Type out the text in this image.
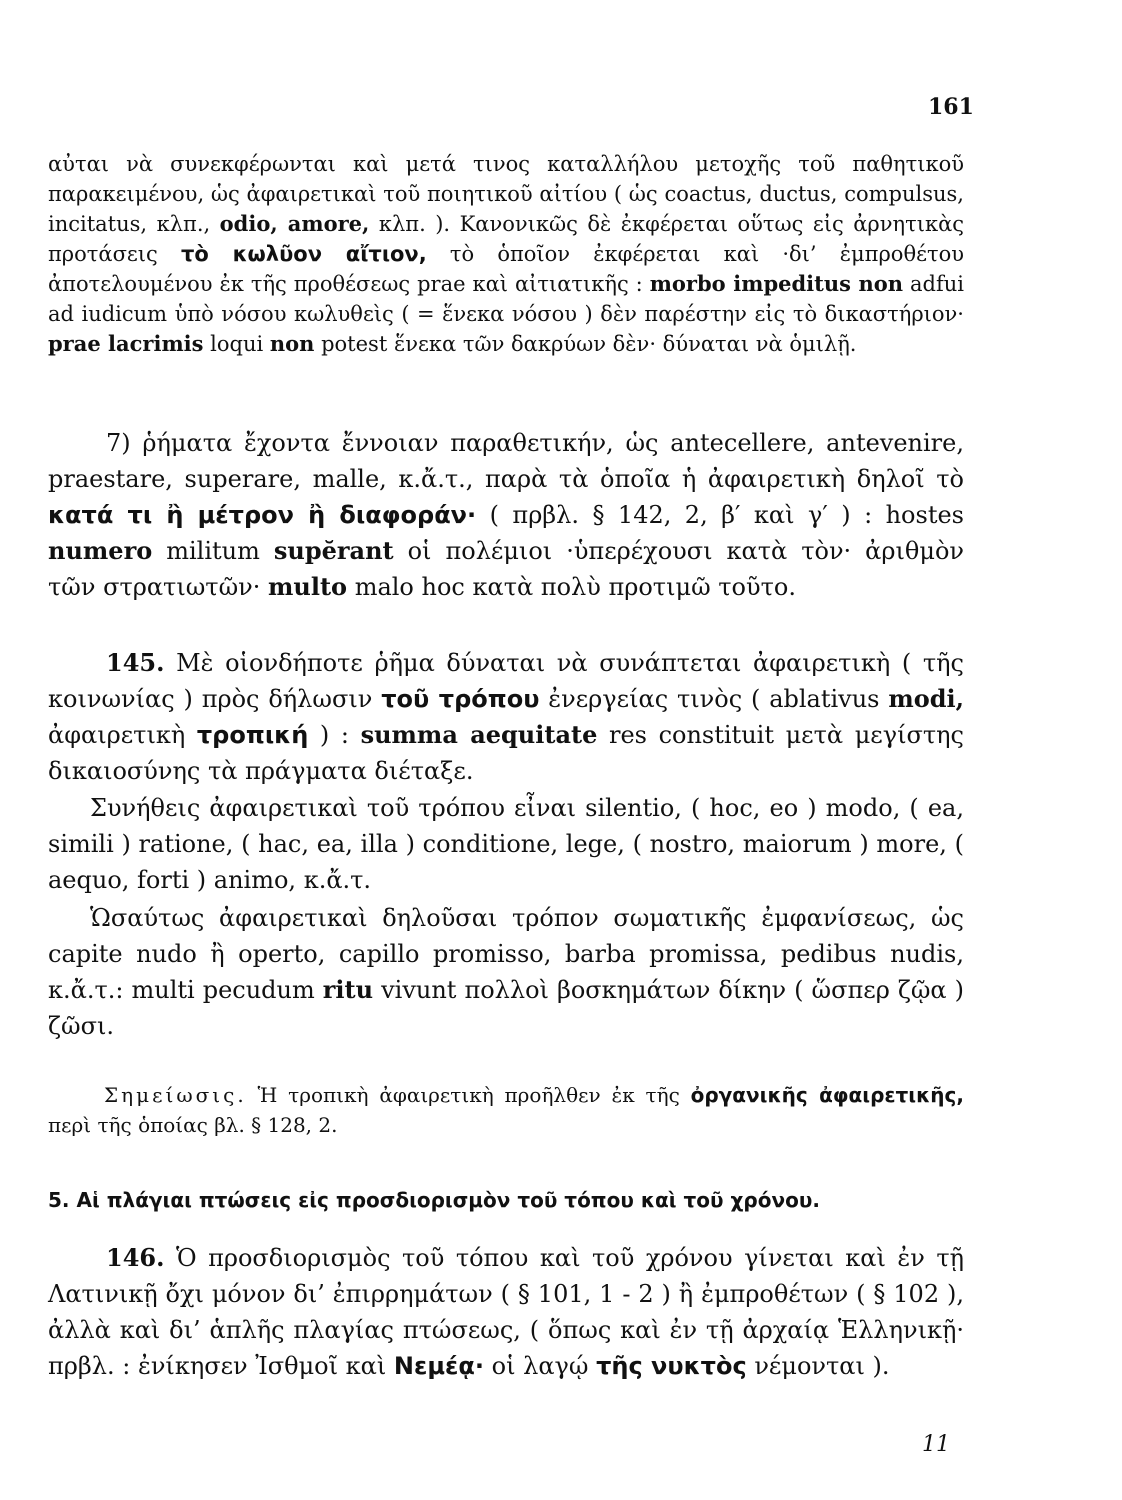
161

αὐται νὰ συνεκφέρωνται καὶ μετά τινος καταλλήλου μετοχῆς τοῦ παθητικοῦ παρακειμένου, ὡς ἀφαιρετικαὶ τοῦ ποιητικοῦ αἰτίου ( ὡς coactus, ductus, compulsus, incitatus, κλπ., odio, amore, κλπ. ). Κανονικῶς δὲ ἐκφέρεται οὕτως εἰς ἀρνητικὰς προτάσεις τὸ κωλῦον αἴτιον, τὸ ὁποῖον ἐκφέρεται καὶ ·δι’ ἐμπροθέτου ἀποτελουμένου ἐκ τῆς προθέσεως prae καὶ αἰτιατικῆς : morbo impeditus non adfui ad iudicum ὑπὸ νόσου κωλυθεὶς ( = ἕνεκα νόσου ) δὲν παρέστην εἰς τὸ δικαστήριον· prae lacrimis loqui non potest ἕνεκα τῶν δακρύων δὲν· δύναται νὰ ὁμιλῇ.

7) ῥήματα ἔχοντα ἔννοιαν παραθετικήν, ὡς antecellere, antevenire, praestare, superare, malle, κ.ἄ.τ., παρὰ τὰ ὁποῖα ἡ ἀφαιρετικὴ δηλοῖ τὸ κατά τι ἢ μέτρον ἢ διαφοράν· ( πρβλ. § 142, 2, β′ καὶ γ′ ) : hostes numero militum supĕrant οἱ πολέμιοι ·ὑπερέχουσι κατὰ τὸν· ἀριθμὸν τῶν στρατιωτῶν· multo malo hoc κατὰ πολὺ προτιμῶ τοῦτο.

145. Μὲ οἱονδήποτε ῥῆμα δύναται νὰ συνάπτεται ἀφαιρετικὴ ( τῆς κοινωνίας ) πρὸς δήλωσιν τοῦ τρόπου ἐνεργείας τινὸς ( ablativus modi, ἀφαιρετικὴ τροπική ) : summa aequitate res constituit μετὰ μεγίστης δικαιοσύνης τὰ πράγματα διέταξε.

Συνήθεις ἀφαιρετικαὶ τοῦ τρόπου εἶναι silentio, ( hoc, eo ) modo, ( ea, simili ) ratione, ( hac, ea, illa ) conditione, lege, ( nostro, maiorum ) more, ( aequo, forti ) animo, κ.ἄ.τ.

Ὡσαύτως ἀφαιρετικαὶ δηλοῦσαι τρόπον σωματικῆς ἐμφανίσεως, ὡς capite nudo ἢ operto, capillo promisso, barba promissa, pedibus nudis, κ.ἄ.τ.: multi pecudum ritu vivunt πολλοὶ βοσκημάτων δίκην ( ὥσπερ ζῷα ) ζῶσι.

Σημείωσις. Ἡ τροπικὴ ἀφαιρετικὴ προῆλθεν ἐκ τῆς ὀργανικῆς ἀφαιρετικῆς, περὶ τῆς ὁποίας βλ. § 128, 2.

5. Αἱ πλάγιαι πτώσεις εἰς προσδιορισμὸν τοῦ τόπου καὶ τοῦ χρόνου.

146. Ὁ προσδιορισμὸς τοῦ τόπου καὶ τοῦ χρόνου γίνεται καὶ ἐν τῇ Λατινικῇ ὄχι μόνον δι’ ἐπιρρημάτων ( § 101, 1 - 2 ) ἢ ἐμπροθέτων ( § 102 ), ἀλλὰ καὶ δι’ ἁπλῆς πλαγίας πτώσεως, ( ὅπως καὶ ἐν τῇ ἀρχαίᾳ Ἑλληνικῇ· πρβλ. : ἐνίκησεν Ἰσθμοῖ καὶ Νεμέᾳ· οἱ λαγῴ τῆς νυκτὸς νέμονται ).

11
